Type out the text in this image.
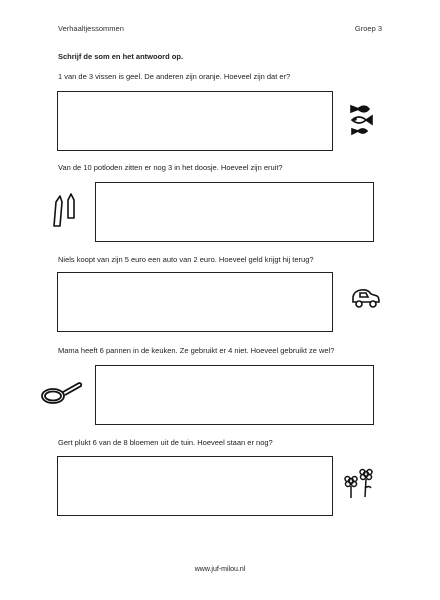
Verhaaltjessommen	Groep 3
Schrijf de som en het antwoord op.
1 van de 3 vissen is geel. De anderen zijn oranje. Hoeveel zijn dat er?
Van de 10 potloden zitten er nog 3 in het doosje. Hoeveel zijn eruit?
Niels koopt van zijn 5 euro een auto van 2 euro. Hoeveel geld krijgt hij terug?
Mama heeft 6 pannen in de keuken. Ze gebruikt er 4 niet. Hoeveel gebruikt ze wel?
Gert plukt 6 van de 8 bloemen uit de tuin. Hoeveel staan er nog?
www.juf-milou.nl
